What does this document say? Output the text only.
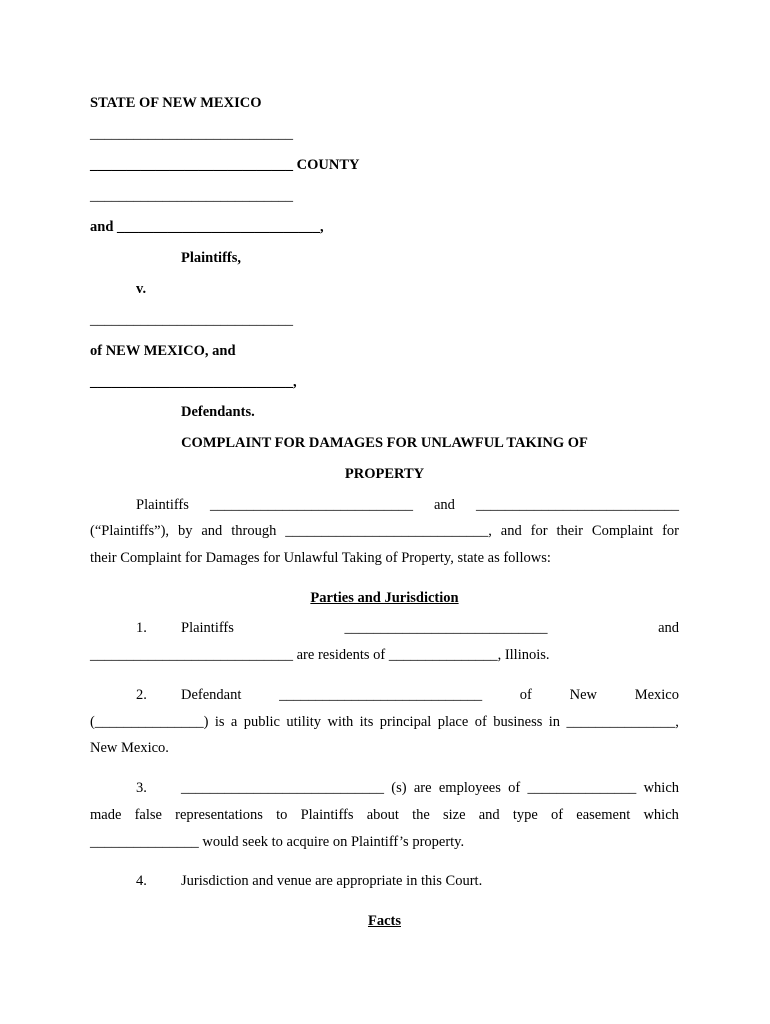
STATE OF NEW MEXICO
____________________________
____________________________ COUNTY
____________________________
and ____________________________,
Plaintiffs,
v.
____________________________
of NEW MEXICO, and
____________________________,
Defendants.
COMPLAINT FOR DAMAGES FOR UNLAWFUL TAKING OF
PROPERTY
Plaintiffs ____________________________ and ____________________________
(“Plaintiffs”), by and through ____________________________, and for their Complaint for
their Complaint for Damages for Unlawful Taking of Property, state as follows:
Parties and Jurisdiction
1. Plaintiffs	____________________________	and
____________________________ are residents of _______________, Illinois.
2. Defendant	____________________________	of	New	Mexico
(_______________) is a public utility with its principal place of business in _______________,
New Mexico.
3. ____________________________ (s) are employees of _______________ which
made false representations to Plaintiffs about the size and type of easement which
_______________ would seek to acquire on Plaintiff’s property.
4. Jurisdiction and venue are appropriate in this Court.
Facts
